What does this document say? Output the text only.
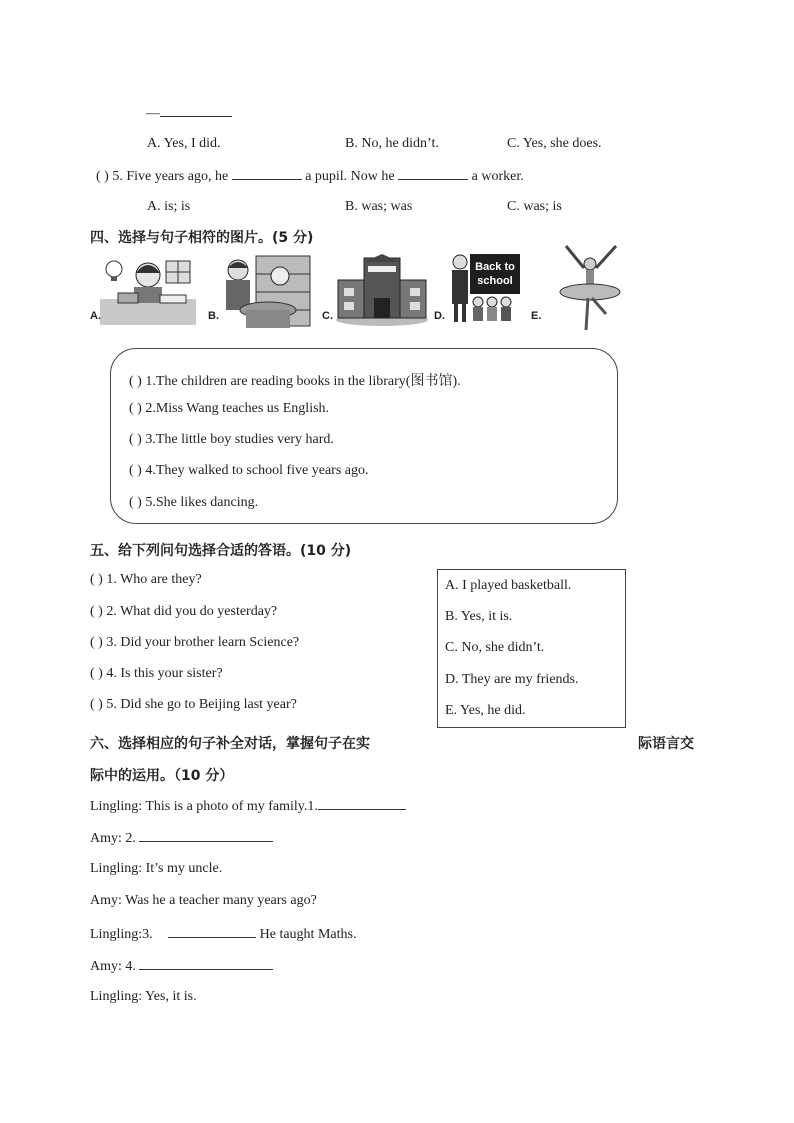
—
A. Yes, I did.	B. No, he didn’t.	C. Yes, she does.
( ) 5. Five years ago, he	a pupil. Now he	a worker.
A. is; is	B. was; was	C. was; is
四、选择与句子相符的图片。(5 分)
A.	B.	C.
Back to
school
D.	E.
( ) 1.The children are reading books in the library(图书馆).
( ) 2.Miss Wang teaches us English.
( ) 3.The little boy studies very hard.
( ) 4.They walked to school five years ago.
( ) 5.She likes dancing.
五、给下列问句选择合适的答语。(10 分)
( ) 1. Who are they?
( ) 2. What did you do yesterday?
( ) 3. Did your brother learn Science?
( ) 4. Is this your sister?
( ) 5. Did she go to Beijing last year?
A. I played basketball.
B. Yes, it is.
C. No, she didn’t.
D. They are my friends.
E. Yes, he did.
六、选择相应的句子补全对话，掌握句子在实	际语言交
际中的运用。（10 分）
Lingling: This is a photo of my family.1.
Amy: 2.
Lingling: It’s my uncle.
Amy: Was he a teacher many years ago?
Lingling:3.	He taught Maths.
Amy: 4.
Lingling: Yes, it is.
